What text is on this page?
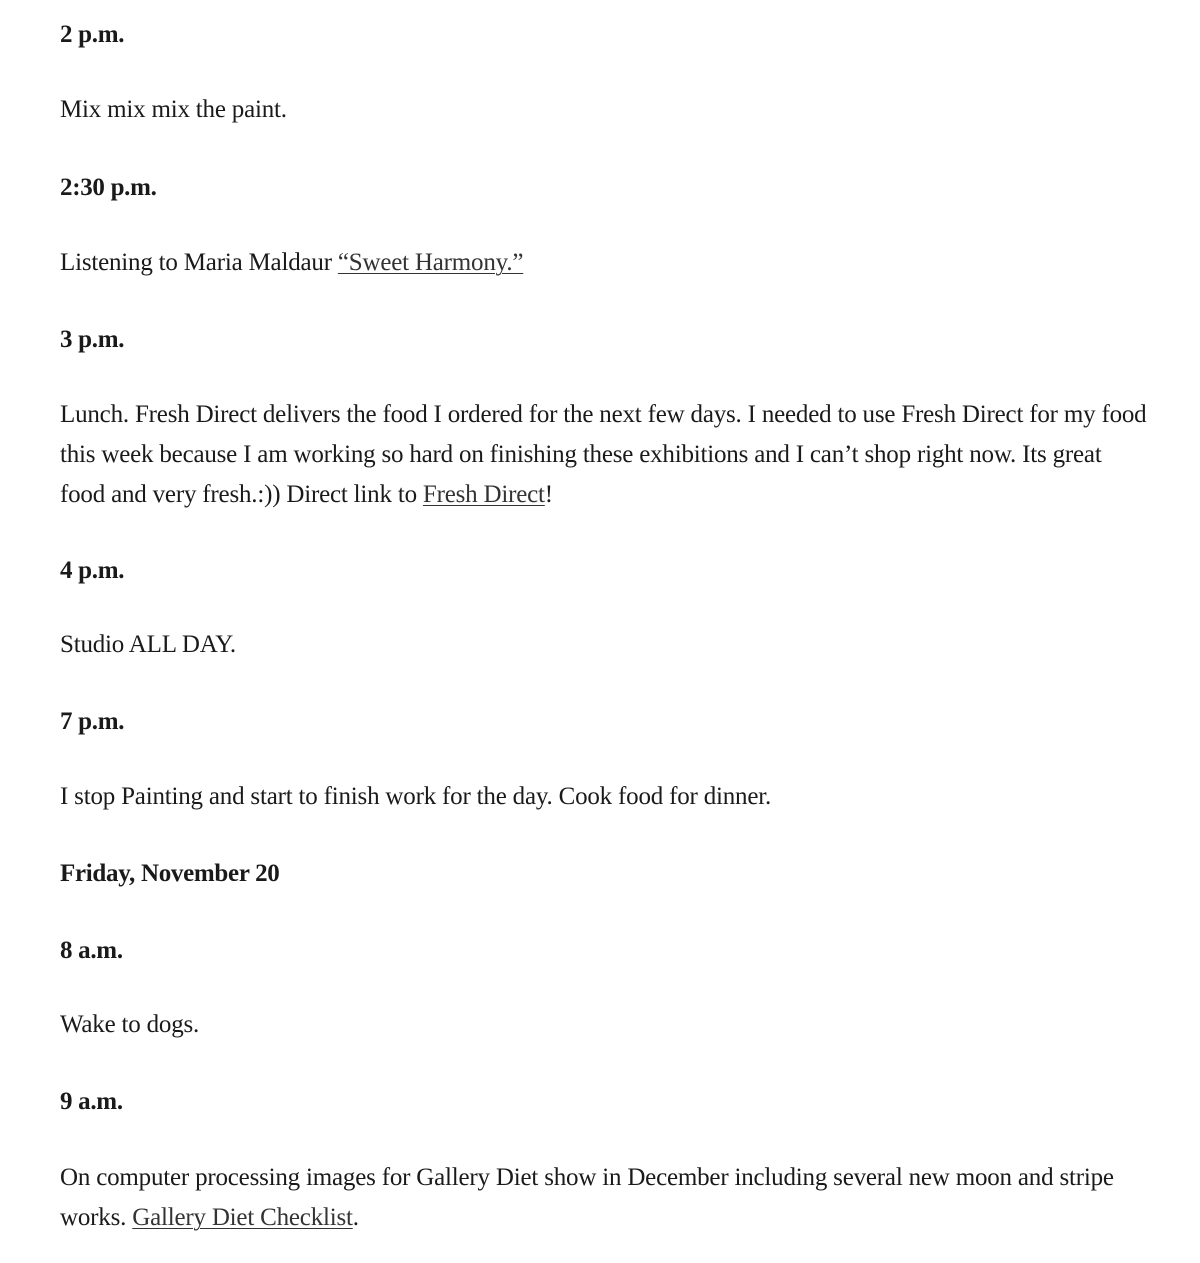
2 p.m.
Mix mix mix the paint.
2:30 p.m.
Listening to Maria Maldaur “Sweet Harmony.”
3 p.m.
Lunch. Fresh Direct delivers the food I ordered for the next few days. I needed to use Fresh Direct for my food this week because I am working so hard on finishing these exhibitions and I can’t shop right now. Its great food and very fresh.:)) Direct link to Fresh Direct!
4 p.m.
Studio ALL DAY.
7 p.m.
I stop Painting and start to finish work for the day. Cook food for dinner.
Friday, November 20
8 a.m.
Wake to dogs.
9 a.m.
On computer processing images for Gallery Diet show in December including several new moon and stripe works. Gallery Diet Checklist.
